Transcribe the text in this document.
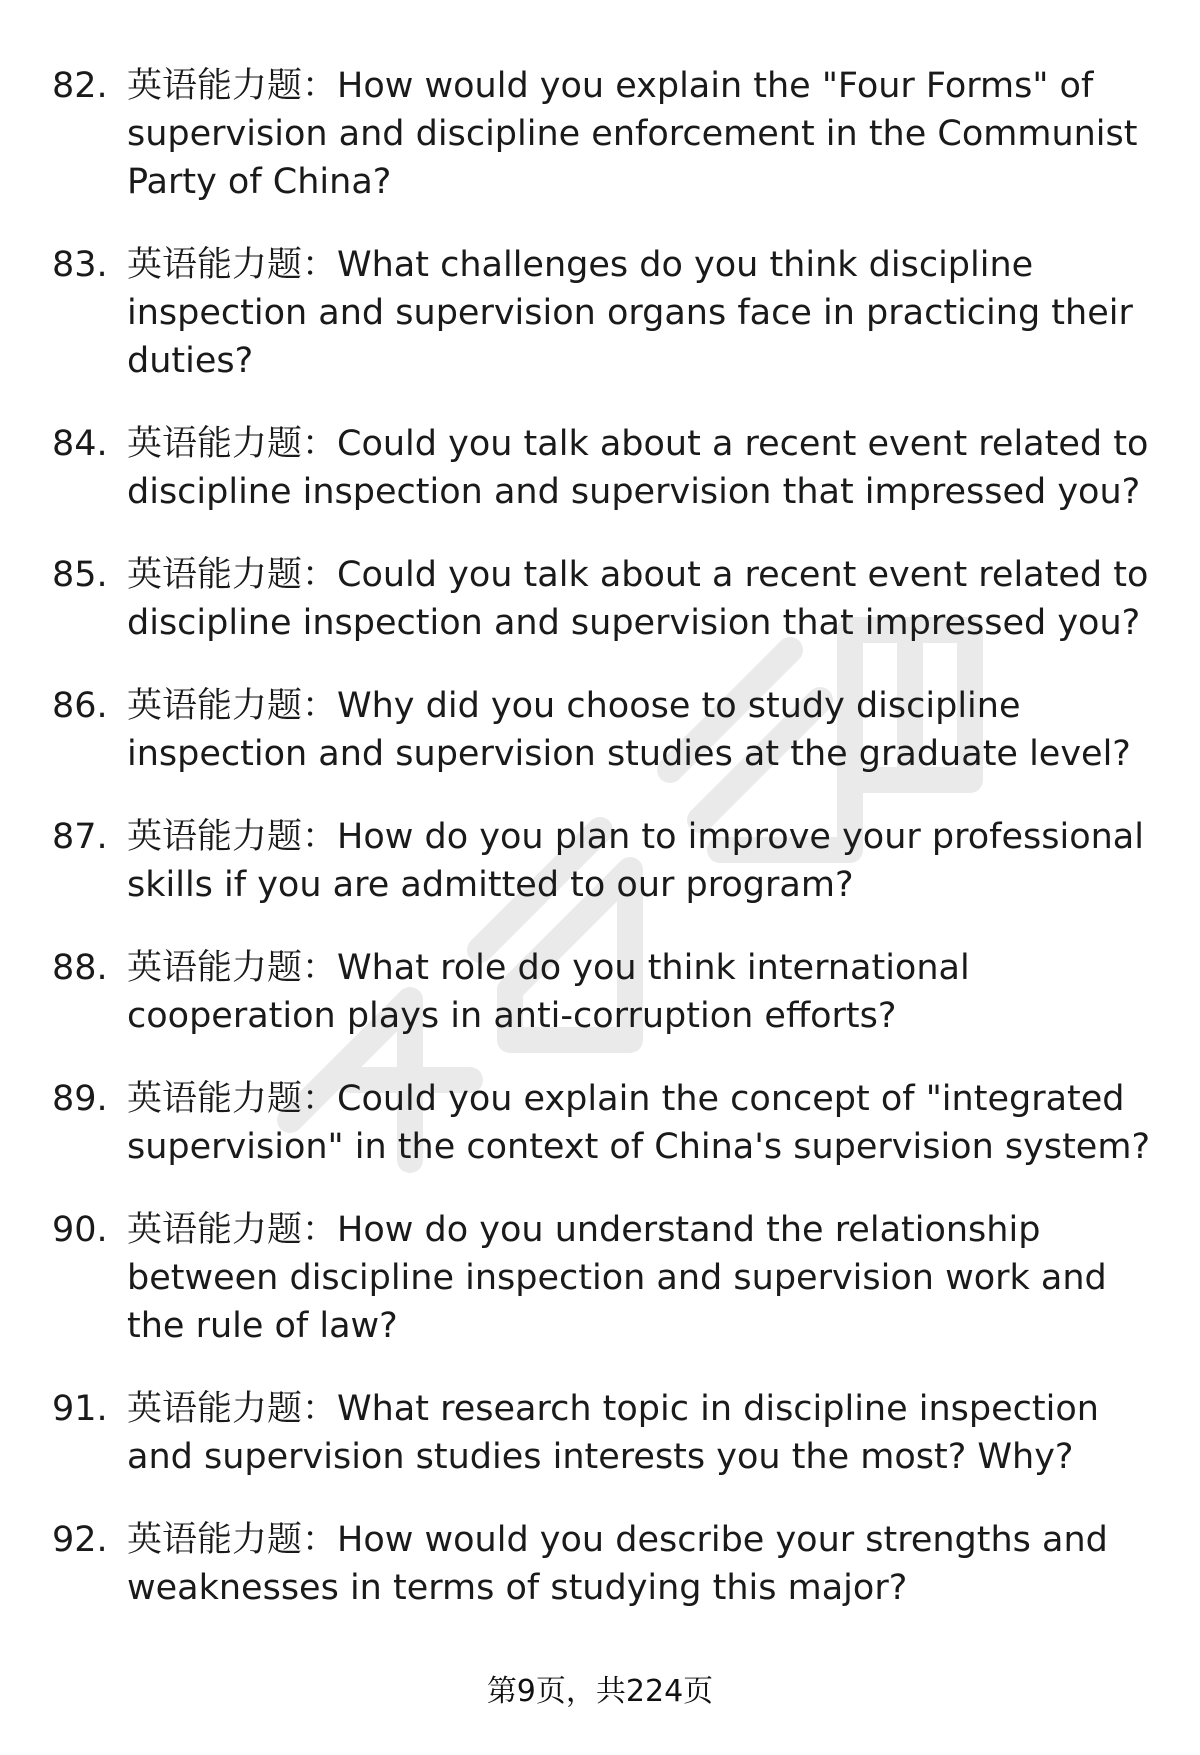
82. 英语能力题：How would you explain the "Four Forms" of supervision and discipline enforcement in the Communist Party of China?
83. 英语能力题：What challenges do you think discipline inspection and supervision organs face in practicing their duties?
84. 英语能力题：Could you talk about a recent event related to discipline inspection and supervision that impressed you?
85. 英语能力题：Could you talk about a recent event related to discipline inspection and supervision that impressed you?
86. 英语能力题：Why did you choose to study discipline inspection and supervision studies at the graduate level?
87. 英语能力题：How do you plan to improve your professional skills if you are admitted to our program?
88. 英语能力题：What role do you think international cooperation plays in anti-corruption efforts?
89. 英语能力题：Could you explain the concept of "integrated supervision" in the context of China's supervision system?
90. 英语能力题：How do you understand the relationship between discipline inspection and supervision work and the rule of law?
91. 英语能力题：What research topic in discipline inspection and supervision studies interests you the most? Why?
92. 英语能力题：How would you describe your strengths and weaknesses in terms of studying this major?
第9页，共224页
